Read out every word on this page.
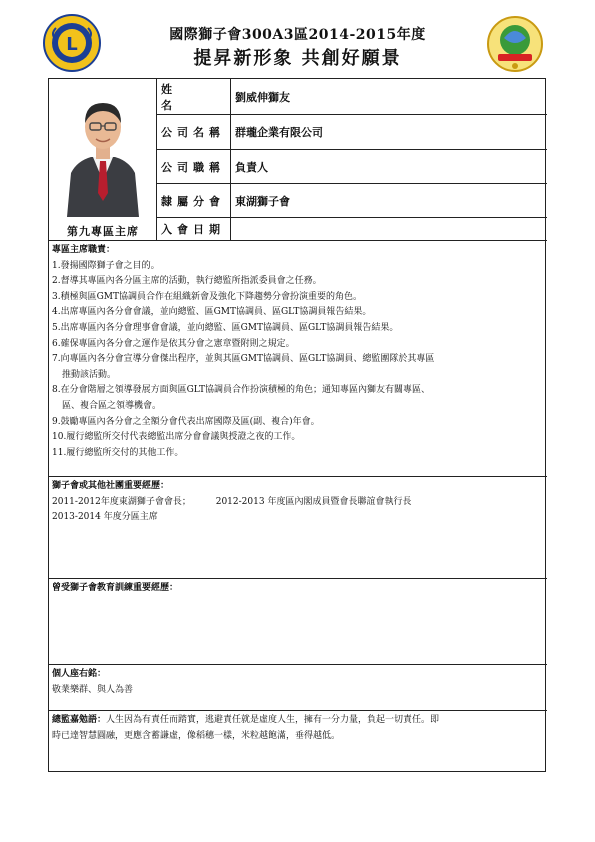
L	國際獅子會300A3區2014-2015年度
提昇新形象 共創好願景
第九專區主席
姓名
劉威伸獅友
公司名稱 群瓏企業有限公司
公司職稱 負責人
隸屬分會 東湖獅子會
入會日期
專區主席職責：
1.發揚國際獅子會之目的。
2.督導其專區內各分區主席的活動，執行總監所指派委員會之任務。
3.積極與區GMT協調員合作在組織新會及強化下降趨勢分會扮演重要的角色。
4.出席專區內各分會會議，並向總監、區GMT協調員、區GLT協調員報告結果。
5.出席專區內各分會理事會會議，並向總監、區GMT協調員、區GLT協調員報告結果。
6.確保專區內各分會之運作是依其分會之憲章暨附則之規定。
7.向專區內各分會宣導分會傑出程序，並與其區GMT協調員、區GLT協調員、總監團隊於其專區
推動該活動。
8.在分會階層之領導發展方面與區GLT協調員合作扮演積極的角色；通知專區內獅友有關專區、
區、複合區之領導機會。
9.鼓勵專區內各分會之全額分會代表出席國際及區(副、複合)年會。
10.履行總監所交付代表總監出席分會會議與授證之夜的工作。
11.履行總監所交付的其他工作。
獅子會或其他社團重要經歷：
2011-2012年度東湖獅子會會長；	2012-2013 年度區內閣成員暨會長聯誼會執行長
2013-2014 年度分區主席
曾受獅子會教育訓練重要經歷：
個人座右銘：
敬業樂群、與人為善
總監嘉勉語：人生因為有責任而踏實，逃避責任就是虛度人生，擁有一分力量，負起一切責任。即
時已達智慧圓融，更應含蓄謙虛，像稻穗一樣，米粒越飽滿，垂得越低。
